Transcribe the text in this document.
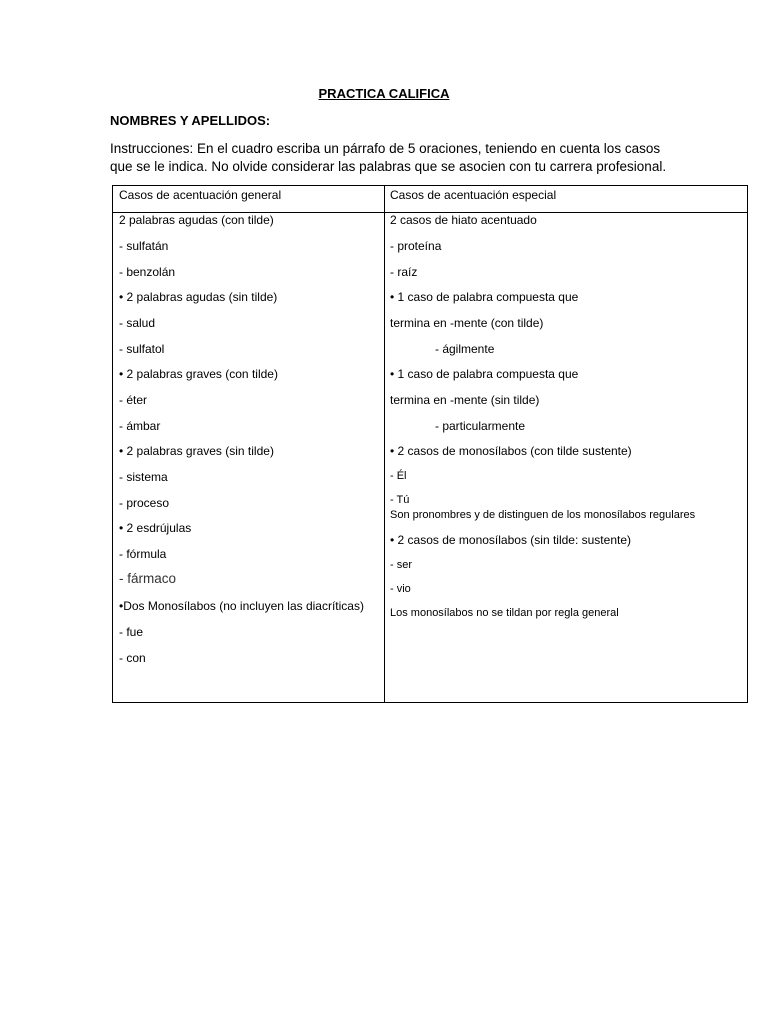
PRACTICA CALIFICA
NOMBRES Y APELLIDOS:
Instrucciones: En el cuadro escriba un párrafo de 5 oraciones, teniendo en cuenta los casos
que se le indica. No olvide considerar las palabras que se asocien con tu carrera profesional.
Casos de acentuación general	Casos de acentuación especial
2 palabras agudas (con tilde)
- sulfatán
- benzolán
• 2 palabras agudas (sin tilde)
- salud
- sulfatol
• 2 palabras graves (con tilde)
- éter
- ámbar
• 2 palabras graves (sin tilde)
- sistema
- proceso
• 2 esdrújulas
- fórmula
- fármaco
•Dos Monosílabos (no incluyen las diacríticas)
- fue
- con
2 casos de hiato acentuado
- proteína
- raíz
• 1 caso de palabra compuesta que
termina en -mente (con tilde)
- ágilmente
• 1 caso de palabra compuesta que
termina en -mente (sin tilde)
- particularmente
• 2 casos de monosílabos (con tilde sustente)
- Él
- Tú
Son pronombres y de distinguen de los monosílabos regulares
• 2 casos de monosílabos (sin tilde: sustente)
- ser
- vio
Los monosílabos no se tildan por regla general
